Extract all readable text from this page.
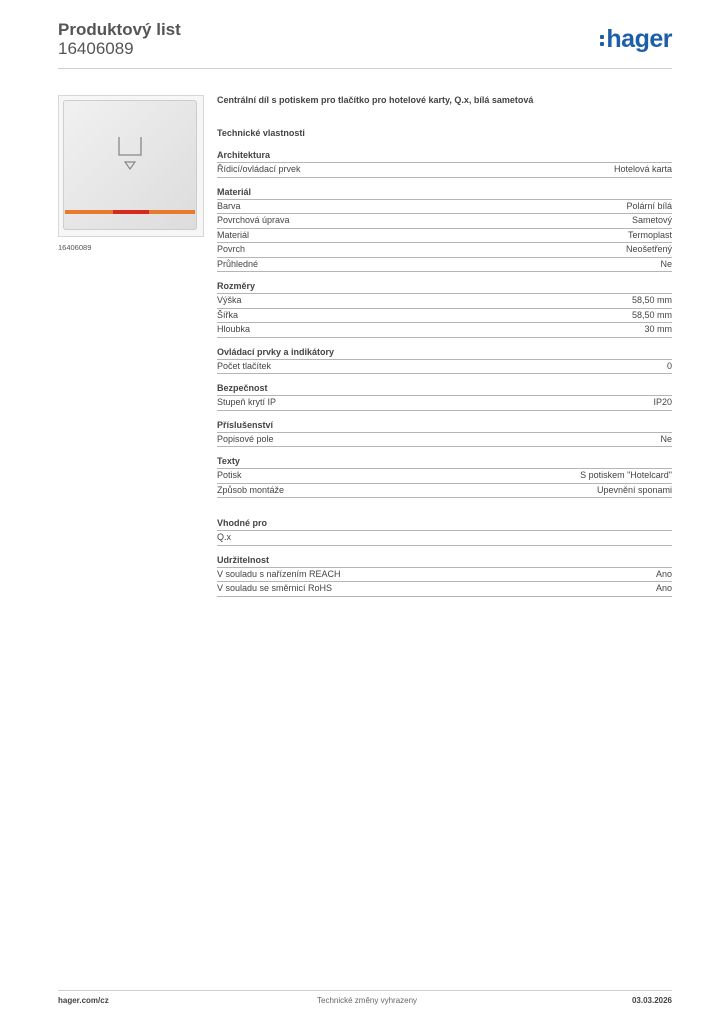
Produktový list
16406089	hager
16406089
Centrální díl s potiskem pro tlačítko pro hotelové karty, Q.x, bílá sametová
Technické vlastnosti
Architektura
Řídicí/ovládací prvek	Hotelová karta
Materiál
Barva	Polární bílá
Povrchová úprava	Sametový
Materiál	Termoplast
Povrch	Neošetřený
Průhledné	Ne
Rozměry
Výška	58,50 mm
Šířka	58,50 mm
Hloubka	30 mm
Ovládací prvky a indikátory
Počet tlačítek	0
Bezpečnost
Stupeň krytí IP	IP20
Příslušenství
Popisové pole	Ne
Texty
Potisk	S potiskem "Hotelcard"
Způsob montáže	Upevnění sponami
Vhodné pro
Q.x
Udržitelnost
V souladu s nařízením REACH	Ano
V souladu se směrnicí RoHS	Ano
hager.com/cz	Technické změny vyhrazeny	03.03.2026
